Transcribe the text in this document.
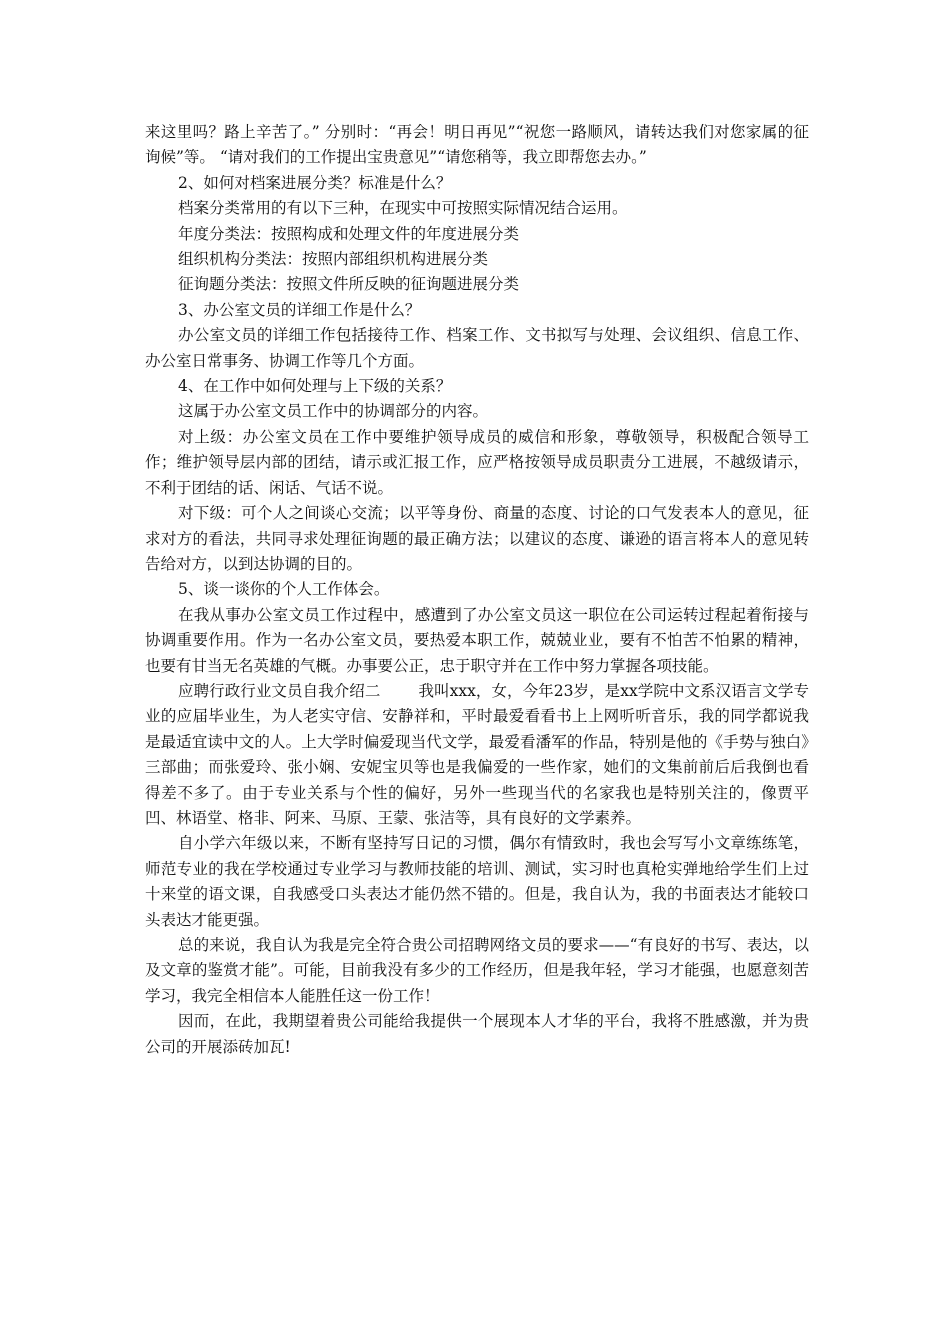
来这里吗？路上辛苦了。” 分别时：“再会！明日再见”“祝您一路顺风，请转达我们对您家属的征询候”等。 “请对我们的工作提出宝贵意见”“请您稍等，我立即帮您去办。”

2、如何对档案进展分类？标准是什么？

档案分类常用的有以下三种，在现实中可按照实际情况结合运用。

年度分类法：按照构成和处理文件的年度进展分类

组织机构分类法：按照内部组织机构进展分类

征询题分类法：按照文件所反映的征询题进展分类

3、办公室文员的详细工作是什么？

办公室文员的详细工作包括接待工作、档案工作、文书拟写与处理、会议组织、信息工作、办公室日常事务、协调工作等几个方面。

4、在工作中如何处理与上下级的关系？

这属于办公室文员工作中的协调部分的内容。

对上级：办公室文员在工作中要维护领导成员的威信和形象，尊敬领导，积极配合领导工作；维护领导层内部的团结，请示或汇报工作，应严格按领导成员职责分工进展，不越级请示，不利于团结的话、闲话、气话不说。

对下级：可个人之间谈心交流；以平等身份、商量的态度、讨论的口气发表本人的意见，征求对方的看法，共同寻求处理征询题的最正确方法；以建议的态度、谦逊的语言将本人的意见转告给对方，以到达协调的目的。

5、谈一谈你的个人工作体会。

在我从事办公室文员工作过程中，感遭到了办公室文员这一职位在公司运转过程起着衔接与协调重要作用。作为一名办公室文员，要热爱本职工作，兢兢业业，要有不怕苦不怕累的精神，也要有甘当无名英雄的气概。办事要公正，忠于职守并在工作中努力掌握各项技能。

应聘行政行业文员自我介绍二 我叫xxx，女，今年23岁，是xx学院中文系汉语言文学专业的应届毕业生，为人老实守信、安静祥和，平时最爱看看书上上网听听音乐，我的同学都说我是最适宜读中文的人。上大学时偏爱现当代文学，最爱看潘军的作品，特别是他的《手势与独白》三部曲；而张爱玲、张小娴、安妮宝贝等也是我偏爱的一些作家，她们的文集前前后后我倒也看得差不多了。由于专业关系与个性的偏好，另外一些现当代的名家我也是特别关注的，像贾平凹、林语堂、格非、阿来、马原、王蒙、张洁等，具有良好的文学素养。

自小学六年级以来，不断有坚持写日记的习惯，偶尔有情致时，我也会写写小文章练练笔，师范专业的我在学校通过专业学习与教师技能的培训、测试，实习时也真枪实弹地给学生们上过十来堂的语文课，自我感受口头表达才能仍然不错的。但是，我自认为，我的书面表达才能较口头表达才能更强。

总的来说，我自认为我是完全符合贵公司招聘网络文员的要求——“有良好的书写、表达，以及文章的鉴赏才能”。可能，目前我没有多少的工作经历，但是我年轻，学习才能强，也愿意刻苦学习，我完全相信本人能胜任这一份工作！

因而，在此，我期望着贵公司能给我提供一个展现本人才华的平台，我将不胜感激，并为贵公司的开展添砖加瓦!
